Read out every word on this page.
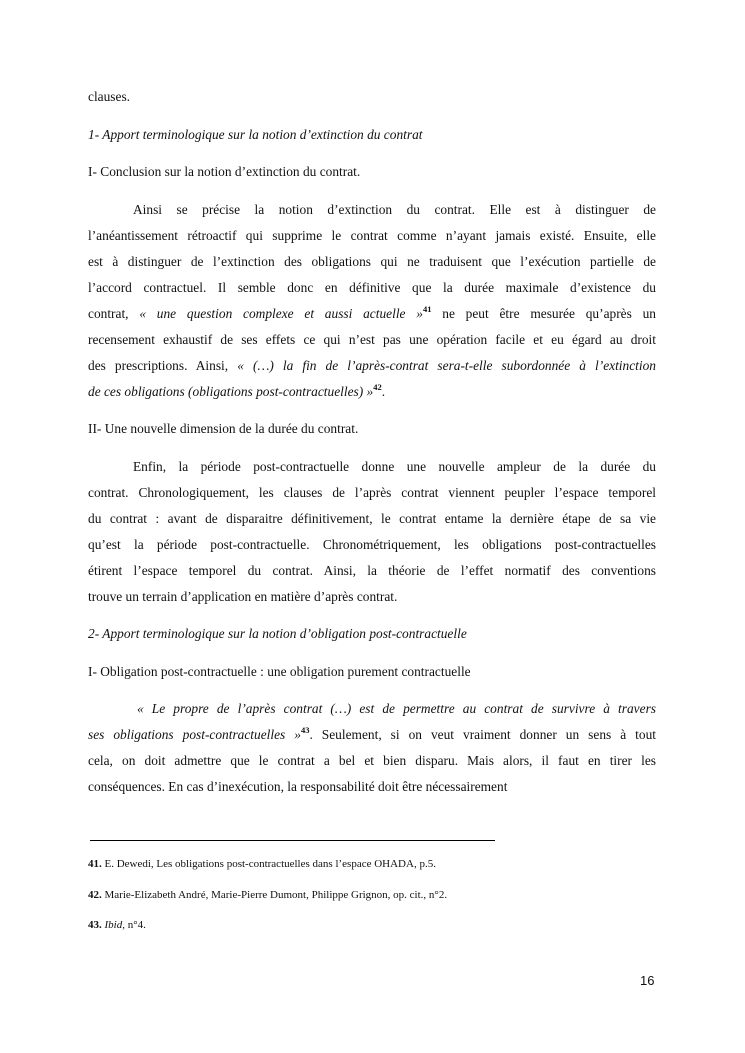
clauses.

1- Apport terminologique sur la notion d’extinction du contrat

I- Conclusion sur la notion d’extinction du contrat.

Ainsi se précise la notion d’extinction du contrat. Elle est à distinguer de

l’anéantissement rétroactif qui supprime le contrat comme n’ayant jamais existé. Ensuite, elle

est à distinguer de l’extinction des obligations qui ne traduisent que l’exécution partielle de

l’accord contractuel. Il semble donc en définitive que la durée maximale d’existence du

contrat, « une question complexe et aussi actuelle »$^{41}$ ne peut être mesurée qu’après un

recensement exhaustif de ses effets ce qui n’est pas une opération facile et eu égard au droit

des prescriptions. Ainsi, « (…) la fin de l’après-contrat sera-t-elle subordonnée à l’extinction

de ces obligations (obligations post-contractuelles) »$^{42}$.

II- Une nouvelle dimension de la durée du contrat.

Enfin, la période post-contractuelle donne une nouvelle ampleur de la durée du

contrat. Chronologiquement, les clauses de l’après contrat viennent peupler l’espace temporel

du contrat : avant de disparaitre définitivement, le contrat entame la dernière étape de sa vie

qu’est la période post-contractuelle. Chronométriquement, les obligations post-contractuelles

étirent l’espace temporel du contrat. Ainsi, la théorie de l’effet normatif des conventions

trouve un terrain d’application en matière d’après contrat.

2- Apport terminologique sur la notion d’obligation post-contractuelle

I- Obligation post-contractuelle : une obligation purement contractuelle

« Le propre de l’après contrat (…) est de permettre au contrat de survivre à travers

ses obligations post-contractuelles »$^{43}$. Seulement, si on veut vraiment donner un sens à tout

cela, on doit admettre que le contrat a bel et bien disparu. Mais alors, il faut en tirer les

conséquences. En cas d’inexécution, la responsabilité doit être nécessairement

41. E. Dewedi, Les obligations post-contractuelles dans l’espace OHADA, p.5.

42. Marie-Elizabeth André, Marie-Pierre Dumont, Philippe Grignon, op. cit., n°2.

43. Ibid, n°4.

16
